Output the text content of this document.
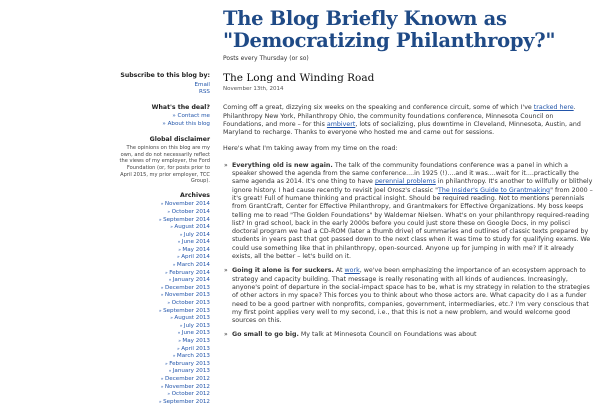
The Blog Briefly Known as "Democratizing Philanthropy?"
Posts every Thursday (or so)
Subscribe to this blog by:
Email
RSS
What's the deal?
» Contact me
» About this blog
Global disclaimer
The opinions on this blog are my own, and do not necessarily reflect the views of my employer, the Ford Foundation (or, for posts prior to April 2015, my prior employer, TCC Group).
Archives
» November 2014
» October 2014
» September 2014
» August 2014
» July 2014
» June 2014
» May 2014
» April 2014
» March 2014
» February 2014
» January 2014
» December 2013
» November 2013
» October 2013
» September 2013
» August 2013
» July 2013
» June 2013
» May 2013
» April 2013
» March 2013
» February 2013
» January 2013
» December 2012
» November 2012
» October 2012
» September 2012
The Long and Winding Road
November 13th, 2014

Coming off a great, dizzying six weeks on the speaking and conference circuit, some of which I've tracked here. Philanthropy New York, Philanthropy Ohio, the community foundations conference, Minnesota Council on Foundations, and more – for this ambivert, lots of socializing, plus downtime in Cleveland, Minnesota, Austin, and Maryland to recharge. Thanks to everyone who hosted me and came out for sessions.

Here's what I'm taking away from my time on the road:

» Everything old is new again. The talk of the community foundations conference was a panel in which a speaker showed the agenda from the same conference....in 1925 (!)....and it was....wait for it....practically the same agenda as 2014. It's one thing to have perennial problems in philanthropy. It's another to willfully or blithely ignore history. I had cause recently to revisit Joel Orosz's classic "The Insider's Guide to Grantmaking" from 2000 – it's great! Full of humane thinking and practical insight. Should be required reading. Not to mentions perennials from GrantCraft, Center for Effective Philanthropy, and Grantmakers for Effective Organizations. My boss keeps telling me to read "The Golden Foundations" by Waldemar Nielsen. What's on your philanthropy required-reading list? In grad school, back in the early 2000s before you could just store these on Google Docs, in my polisci doctoral program we had a CD-ROM (later a thumb drive) of summaries and outlines of classic texts prepared by students in years past that got passed down to the next class when it was time to study for qualifying exams. We could use something like that in philanthropy, open-sourced. Anyone up for jumping in with me? If it already exists, all the better – let's build on it.
» Going it alone is for suckers. At work, we've been emphasizing the importance of an ecosystem approach to strategy and capacity building. That message is really resonating with all kinds of audiences. Increasingly, anyone's point of departure in the social-impact space has to be, what is my strategy in relation to the strategies of other actors in my space? This forces you to think about who those actors are. What capacity do I as a funder need to be a good partner with nonprofits, companies, government, intermediaries, etc.? I'm very conscious that my first point applies very well to my second, i.e., that this is not a new problem, and would welcome good sources on this.
» Go small to go big. My talk at Minnesota Council on Foundations was about
